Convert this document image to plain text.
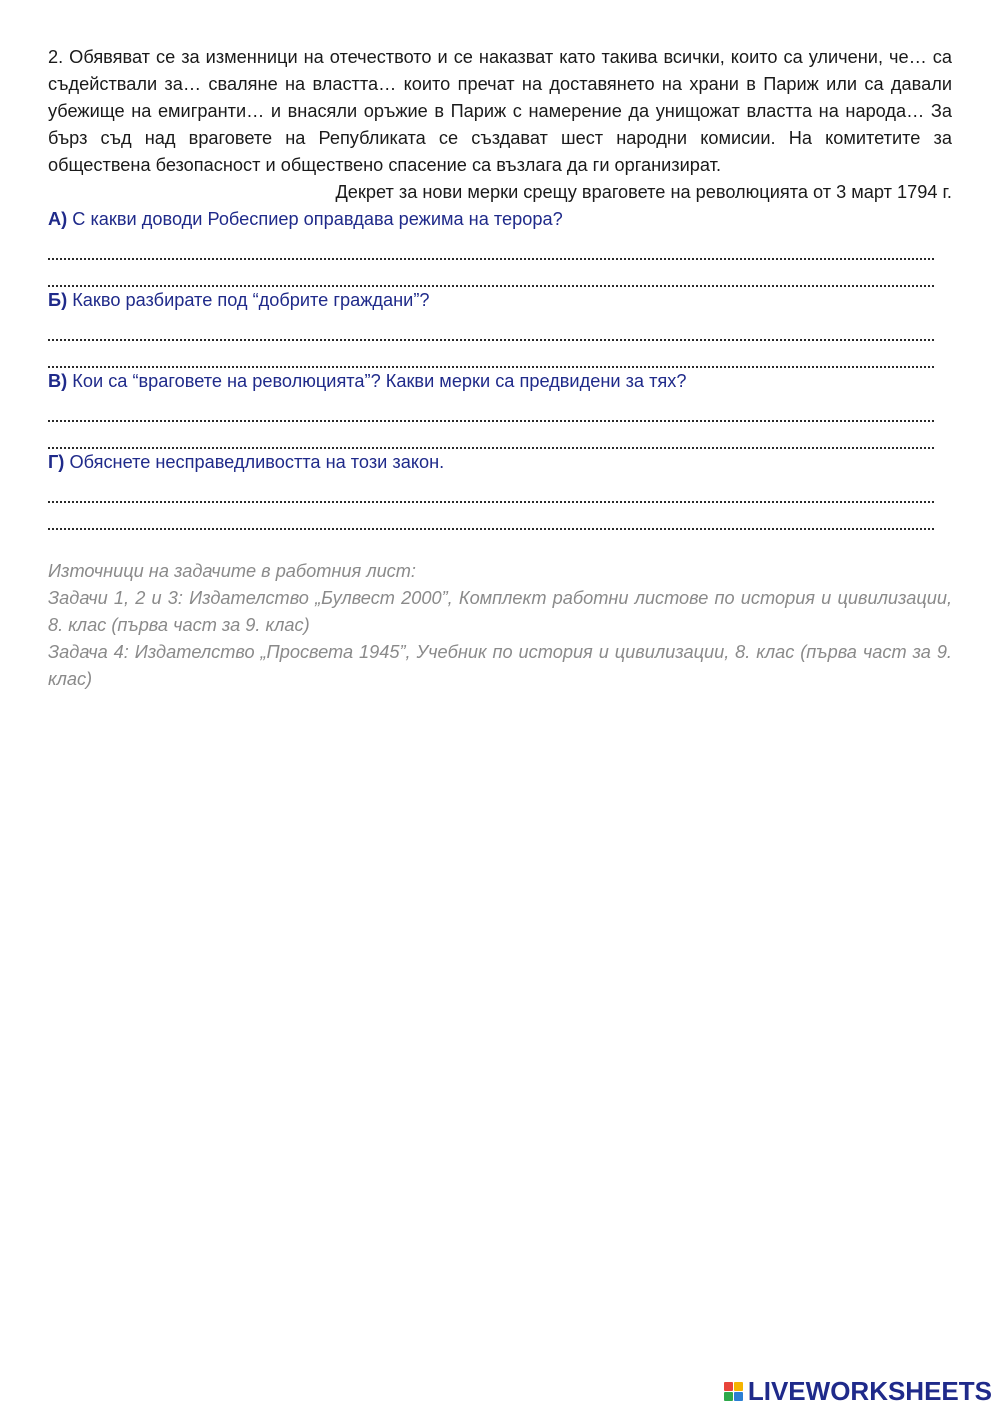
2. Обявяват се за изменници на отечеството и се наказват като такива всички, които са уличени, че… са съдействали за… сваляне на властта… които пречат на доставянето на храни в Париж или са давали убежище на емигранти… и внасяли оръжие в Париж с намерение да унищожат властта на народа… За бърз съд над враговете на Републиката се създават шест народни комисии. На комитетите за обществена безопасност и обществено спасение са възлага да ги организират.

Декрет за нови мерки срещу враговете на революцията от 3 март 1794 г.

А) С какви доводи Робеспиер оправдава режима на терора?

Б) Какво разбирате под “добрите граждани”?

В) Кои са “враговете на революцията”? Какви мерки са предвидени за тях?

Г) Обяснете несправедливостта на този закон.

Източници на задачите в работния лист:

Задачи 1, 2 и 3: Издателство „Булвест 2000”, Комплект работни листове по история и цивилизации, 8. клас (първа част за 9. клас)

Задача 4: Издателство „Просвета 1945”, Учебник по история и цивилизации, 8. клас (първа част за 9. клас)

LIVEWORKSHEETS
